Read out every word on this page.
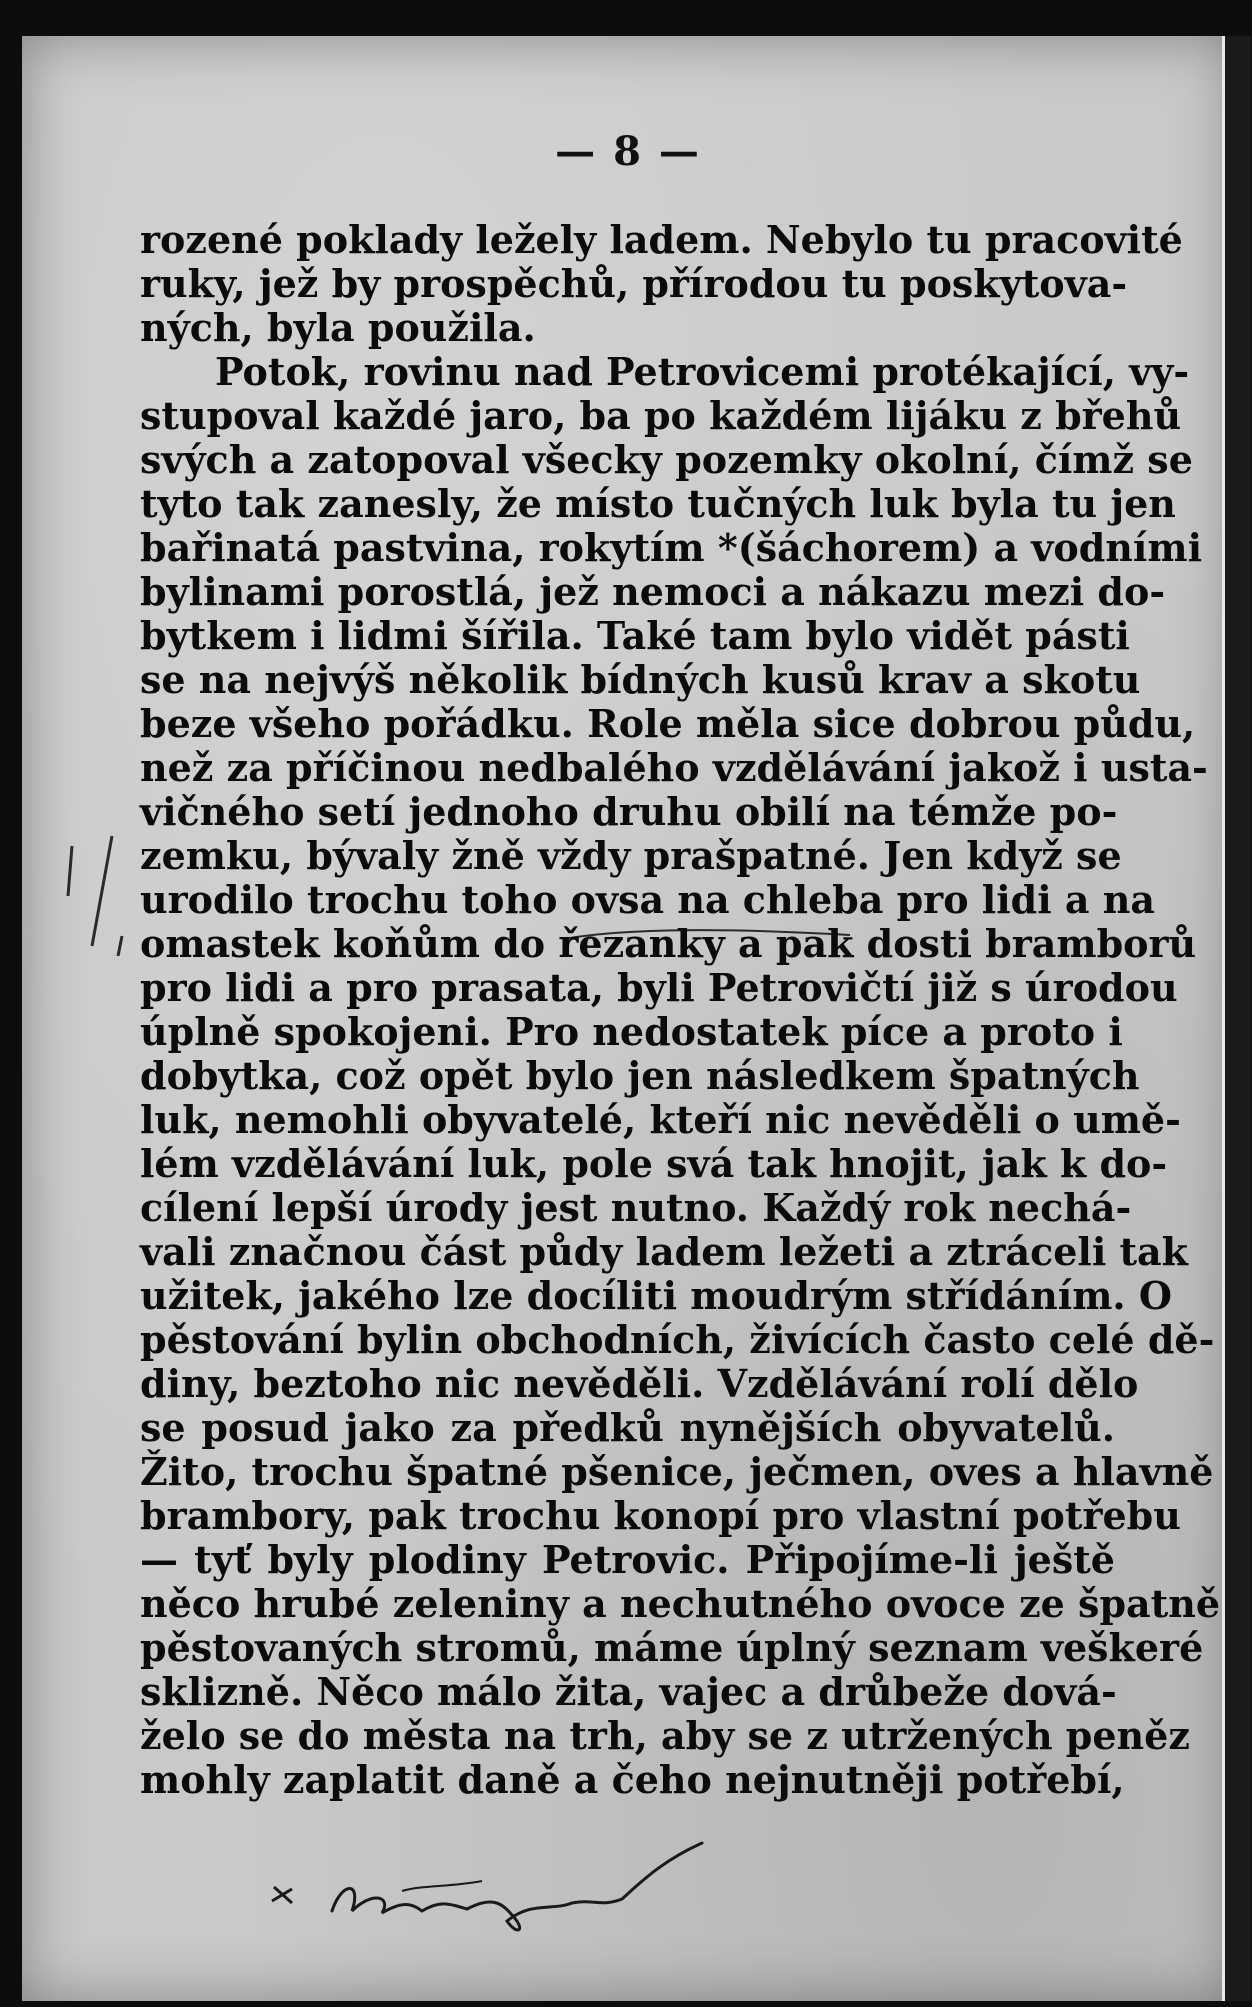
— 8 —
rozené poklady ležely ladem. Nebylo tu pracovité
ruky, jež by prospěchů, přírodou tu poskytova-
ných, byla použila.
Potok, rovinu nad Petrovicemi protékající, vy-
stupoval každé jaro, ba po každém lijáku z břehů
svých a zatopoval všecky pozemky okolní, čímž se
tyto tak zanesly, že místo tučných luk byla tu jen
bařinatá pastvina, rokytím *(šáchorem) a vodními
bylinami porostlá, jež nemoci a nákazu mezi do-
bytkem i lidmi šířila. Také tam bylo vidět pásti
se na nejvýš několik bídných kusů krav a skotu
beze všeho pořádku. Role měla sice dobrou půdu,
než za příčinou nedbalého vzdělávání jakož i usta-
vičného setí jednoho druhu obilí na témže po-
zemku, bývaly žně vždy prašpatné. Jen když se
urodilo trochu toho ovsa na chleba pro lidi a na
omastek koňům do řezanky a pak dosti bramborů
pro lidi a pro prasata, byli Petrovičtí již s úrodou
úplně spokojeni. Pro nedostatek píce a proto i
dobytka, což opět bylo jen následkem špatných
luk, nemohli obyvatelé, kteří nic nevěděli o umě-
lém vzdělávání luk, pole svá tak hnojit, jak k do-
cílení lepší úrody jest nutno. Každý rok nechá-
vali značnou část půdy ladem ležeti a ztráceli tak
užitek, jakého lze docíliti moudrým střídáním. O
pěstování bylin obchodních, živících často celé dě-
diny, beztoho nic nevěděli. Vzdělávání rolí dělo
se posud jako za předků nynějších obyvatelů.
Žito, trochu špatné pšenice, ječmen, oves a hlavně
brambory, pak trochu konopí pro vlastní potřebu
— tyť byly plodiny Petrovic. Připojíme-li ještě
něco hrubé zeleniny a nechutného ovoce ze špatně
pěstovaných stromů, máme úplný seznam veškeré
sklizně. Něco málo žita, vajec a drůbeže dová-
želo se do města na trh, aby se z utržených peněz
mohly zaplatit daně a čeho nejnutněji potřebí,
